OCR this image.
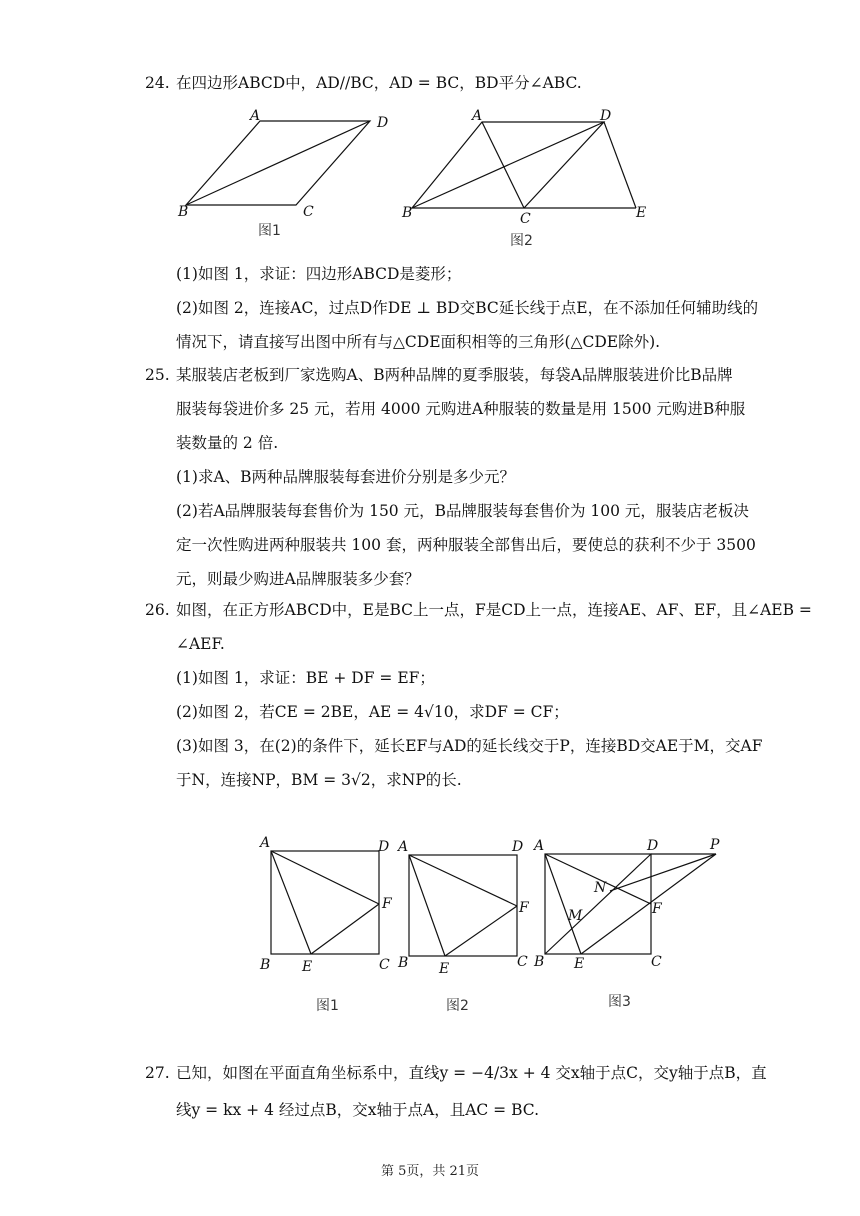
24. 在四边形ABCD中，AD//BC，AD = BC，BD平分∠ABC.
A	D
B	C
图1
A	D
B	C	E
图2
(1)如图 1，求证：四边形ABCD是菱形；
(2)如图 2，连接AC，过点D作DE ⊥ BD交BC延长线于点E，在不添加任何辅助线的
情况下，请直接写出图中所有与△CDE面积相等的三角形(△CDE除外).
25. 某服装店老板到厂家选购A、B两种品牌的夏季服装，每袋A品牌服装进价比B品牌
服装每袋进价多 25 元，若用 4000 元购进A种服装的数量是用 1500 元购进B种服
装数量的 2 倍.
(1)求A、B两种品牌服装每套进价分别是多少元？
(2)若A品牌服装每套售价为 150 元，B品牌服装每套售价为 100 元，服装店老板决
定一次性购进两种服装共 100 套，两种服装全部售出后，要使总的获利不少于 3500
元，则最少购进A品牌服装多少套？
26. 如图，在正方形ABCD中，E是BC上一点，F是CD上一点，连接AE、AF、EF，且∠AEB =
∠AEF.
(1)如图 1，求证：BE + DF = EF；
(2)如图 2，若CE = 2BE，AE = 4√10，求DF = CF；
(3)如图 3，在(2)的条件下，延长EF与AD的延长线交于P，连接BD交AE于M，交AF
于N，连接NP，BM = 3√2，求NP的长.
A	D
F
B E	C
图1
A	D
F
B E	C
图2
A	D	P
N
M	F
B E	C
图3
27. 已知，如图在平面直角坐标系中，直线y = −4/3x + 4 交x轴于点C，交y轴于点B，直
线y = kx + 4 经过点B，交x轴于点A，且AC = BC.
第 5页，共 21页
